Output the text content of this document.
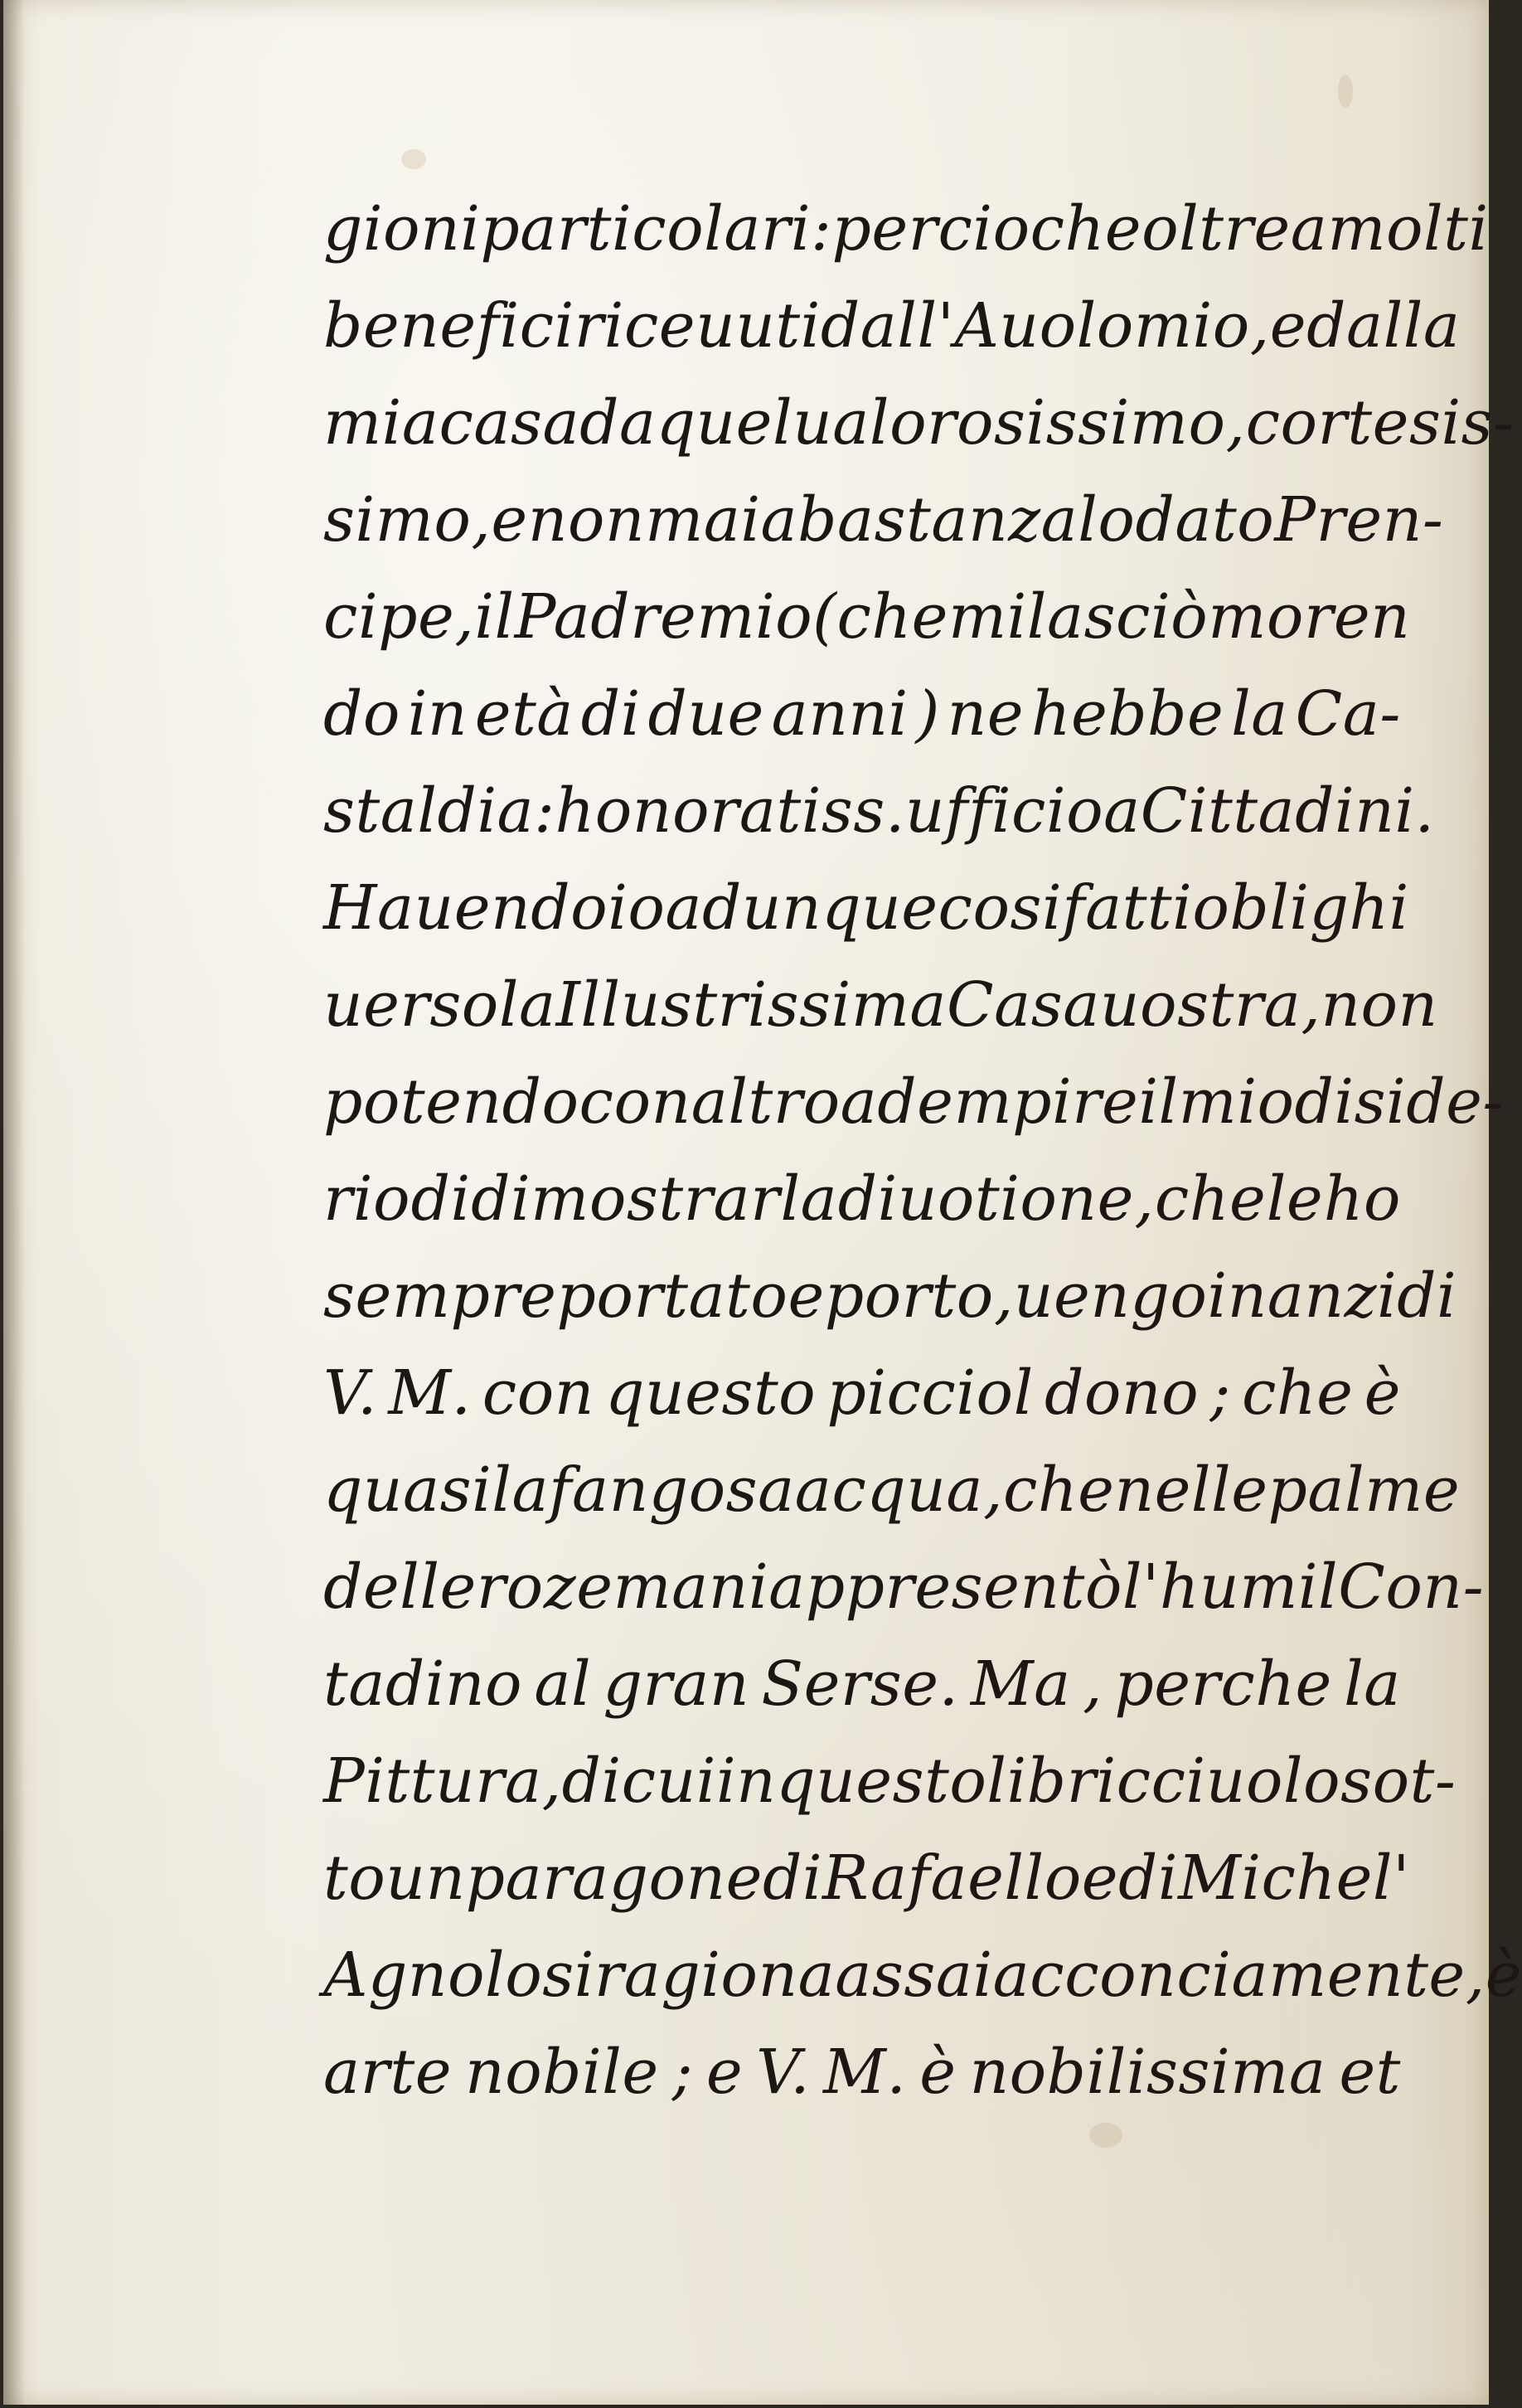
gioni particolari : percioche oltre a molti
benefici riceuuti dall' Auolo mio , e dalla
mia casa da quel ualorosissimo , cortesis-
simo, e non mai a bastanza lodato Pren-
cipe , il Padre mio ( che mi lasciò moren
do in età di due anni ) ne hebbe la Ca-
staldia : honoratiss. ufficio a Cittadini.
Hauendo io adunque cosi fatti oblighi
uerso la Illustrissima Casa uostra , non
potendo con altro adempire il mio diside-
rio di dimostrar la diuotione , che le ho
sempre portato e porto , uengo inanzi di
V. M. con questo picciol dono ; che è
quasi la fangosa acqua , che nelle palme
delle roze mani appresentò l'humil Con-
tadino al gran Serse. Ma , perche la
Pittura , di cui in questo libricciuolo sot-
to un paragone di Rafaello e di Michel'
Agnolo si ragiona assai acconciamente, è
arte nobile ; e V. M. è nobilissima et
